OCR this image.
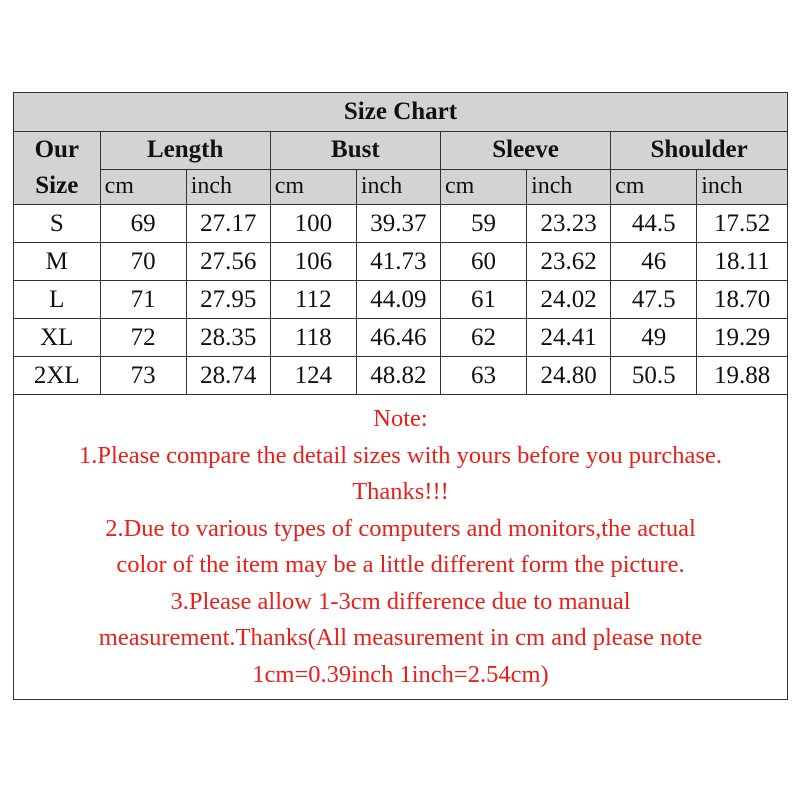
Size Chart								

Our
Size	Length		Bust		Sleeve		Shoulder	
	cm	inch	cm	inch	cm	inch	cm	inch
S	69	27.17	100	39.37	59	23.23	44.5	17.52
M	70	27.56	106	41.73	60	23.62	46	18.11
L	71	27.95	112	44.09	61	24.02	47.5	18.70
XL	72	28.35	118	46.46	62	24.41	49	19.29
2XL	73	28.74	124	48.82	63	24.80	50.5	19.88
Note:
1.Please compare the detail sizes with yours before you purchase.
Thanks!!!
2.Due to various types of computers and monitors,the actual
color of the item may be a little different form the picture.
3.Please allow 1-3cm difference due to manual
measurement.Thanks(All measurement in cm and please note
1cm=0.39inch 1inch=2.54cm)
